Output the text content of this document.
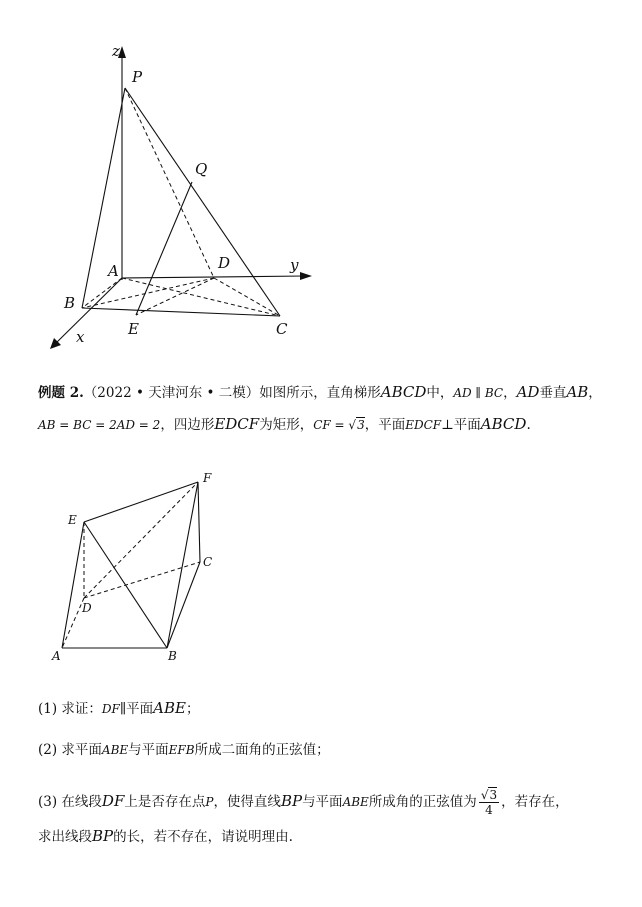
z
y
x
P
Q
A	D
B
E	C
例题 2.（2022 • 天津河东 • 二模）如图所示，直角梯形ABCD中，AD ∥ BC，AD垂直AB，
AB = BC = 2AD = 2，四边形EDCF为矩形，CF = √3，平面EDCF⊥平面ABCD.
F
E
C
D
A	B
(1) 求证：DF∥平面ABE；
(2) 求平面ABE与平面EFB所成二面角的正弦值；
(3) 在线段DF上是否存在点P，使得直线BP与平面ABE所成角的正弦值为 $\frac{√3}{4}$ ，若存在，
求出线段BP的长，若不存在，请说明理由.
